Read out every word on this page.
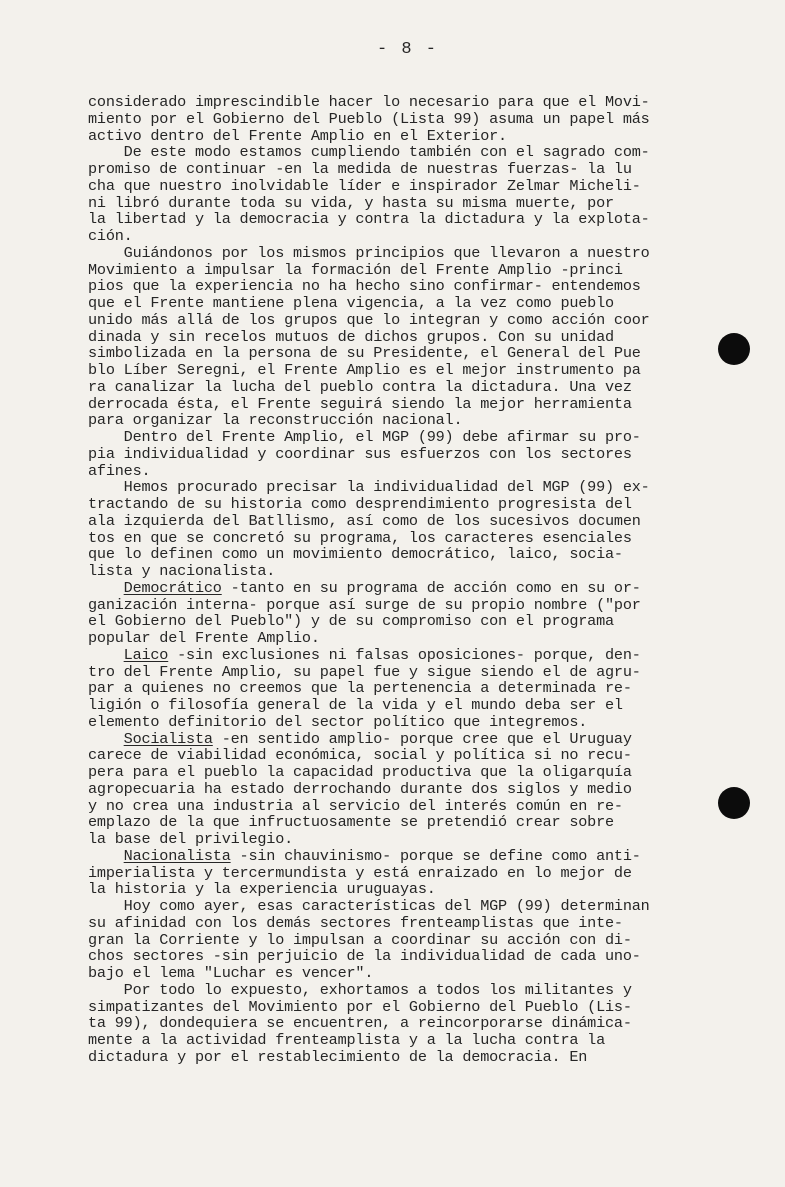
- 8 -
considerado imprescindible hacer lo necesario para que el Movi-
miento por el Gobierno del Pueblo (Lista 99) asuma un papel más
activo dentro del Frente Amplio en el Exterior.
De este modo estamos cumpliendo también con el sagrado com-
promiso de continuar -en la medida de nuestras fuerzas- la lu
cha que nuestro inolvidable líder e inspirador Zelmar Micheli-
ni libró durante toda su vida, y hasta su misma muerte, por
la libertad y la democracia y contra la dictadura y la explota-
ción.
Guiándonos por los mismos principios que llevaron a nuestro
Movimiento a impulsar la formación del Frente Amplio -princi
pios que la experiencia no ha hecho sino confirmar- entendemos
que el Frente mantiene plena vigencia, a la vez como pueblo
unido más allá de los grupos que lo integran y como acción coor
dinada y sin recelos mutuos de dichos grupos. Con su unidad
simbolizada en la persona de su Presidente, el General del Pue
blo Líber Seregni, el Frente Amplio es el mejor instrumento pa
ra canalizar la lucha del pueblo contra la dictadura. Una vez
derrocada ésta, el Frente seguirá siendo la mejor herramienta
para organizar la reconstrucción nacional.
Dentro del Frente Amplio, el MGP (99) debe afirmar su pro-
pia individualidad y coordinar sus esfuerzos con los sectores
afines.
Hemos procurado precisar la individualidad del MGP (99) ex-
tractando de su historia como desprendimiento progresista del
ala izquierda del Batllismo, así como de los sucesivos documen
tos en que se concretó su programa, los caracteres esenciales
que lo definen como un movimiento democrático, laico, socia-
lista y nacionalista.
Democrático -tanto en su programa de acción como en su or-
ganización interna- porque así surge de su propio nombre ("por
el Gobierno del Pueblo") y de su compromiso con el programa
popular del Frente Amplio.
Laico -sin exclusiones ni falsas oposiciones- porque, den-
tro del Frente Amplio, su papel fue y sigue siendo el de agru-
par a quienes no creemos que la pertenencia a determinada re-
ligión o filosofía general de la vida y el mundo deba ser el
elemento definitorio del sector político que integremos.
Socialista -en sentido amplio- porque cree que el Uruguay
carece de viabilidad económica, social y política si no recu-
pera para el pueblo la capacidad productiva que la oligarquía
agropecuaria ha estado derrochando durante dos siglos y medio
y no crea una industria al servicio del interés común en re-
emplazo de la que infructuosamente se pretendió crear sobre
la base del privilegio.
Nacionalista -sin chauvinismo- porque se define como anti-
imperialista y tercermundista y está enraizado en lo mejor de
la historia y la experiencia uruguayas.
Hoy como ayer, esas características del MGP (99) determinan
su afinidad con los demás sectores frenteamplistas que inte-
gran la Corriente y lo impulsan a coordinar su acción con di-
chos sectores -sin perjuicio de la individualidad de cada uno-
bajo el lema "Luchar es vencer".
Por todo lo expuesto, exhortamos a todos los militantes y
simpatizantes del Movimiento por el Gobierno del Pueblo (Lis-
ta 99), dondequiera se encuentren, a reincorporarse dinámica-
mente a la actividad frenteamplista y a la lucha contra la
dictadura y por el restablecimiento de la democracia. En
